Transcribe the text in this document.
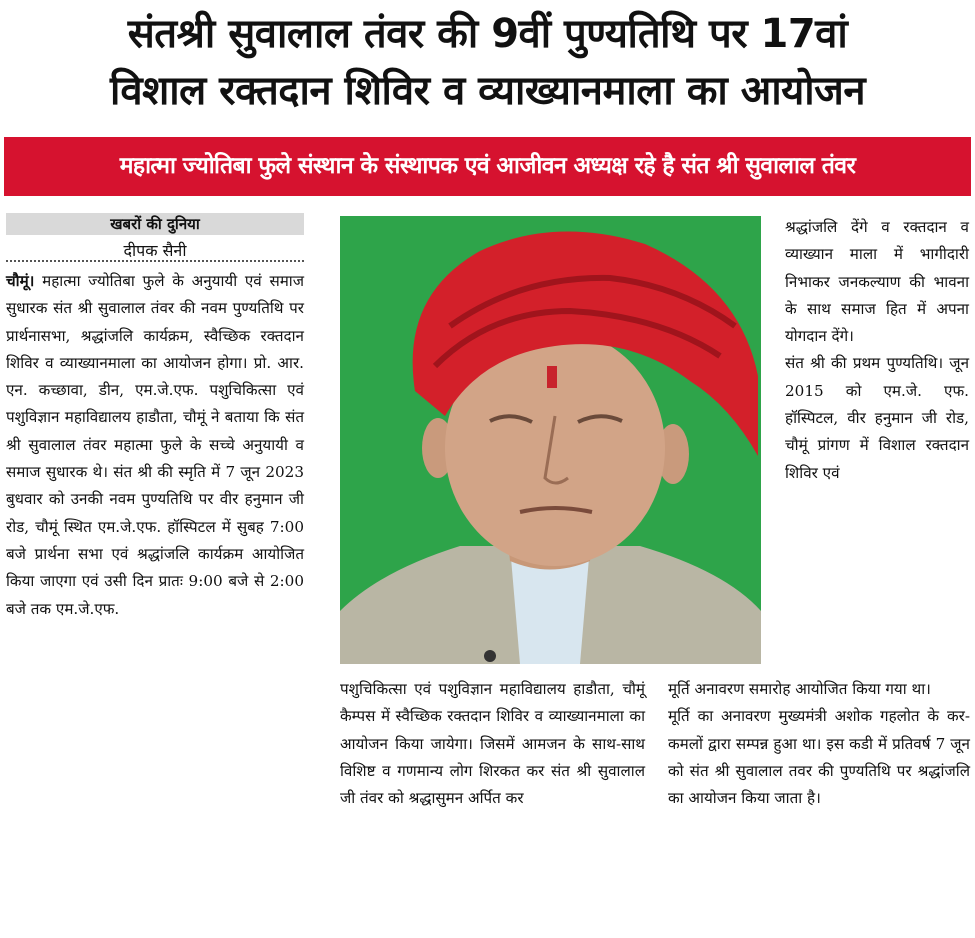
संतश्री सुवालाल तंवर की 9वीं पुण्यतिथि पर 17वां
विशाल रक्तदान शिविर व व्याख्यानमाला का आयोजन
महात्मा ज्योतिबा फुले संस्थान के संस्थापक एवं आजीवन अध्यक्ष रहे है संत श्री सुवालाल तंवर
खबरों की दुनिया
दीपक सैनी

चौमूं। महात्मा ज्योतिबा फुले के अनुयायी एवं समाज सुधारक संत श्री सुवालाल तंवर की नवम पुण्यतिथि पर प्रार्थनासभा, श्रद्धांजलि कार्यक्रम, स्वैच्छिक रक्तदान शिविर व व्याख्यानमाला का आयोजन होगा। प्रो. आर. एन. कच्छावा, डीन, एम.जे.एफ. पशुचिकित्सा एवं पशुविज्ञान महाविद्यालय हाडौता, चौमूं ने बताया कि संत श्री सुवालाल तंवर महात्मा फुले के सच्चे अनुयायी व समाज सुधारक थे। संत श्री की स्मृति में 7 जून 2023 बुधवार को उनकी नवम पुण्यतिथि पर वीर हनुमान जी रोड, चौमूं स्थित एम.जे.एफ. हॉस्पिटल में सुबह 7:00 बजे प्रार्थना सभा एवं श्रद्धांजलि कार्यक्रम आयोजित किया जाएगा एवं उसी दिन प्रातः 9:00 बजे से 2:00 बजे तक एम.जे.एफ.

श्रद्धांजलि देंगे व रक्तदान व व्याख्यान माला में भागीदारी निभाकर जनकल्याण की भावना के साथ समाज हित में अपना योगदान देंगे।

संत श्री की प्रथम पुण्यतिथि। जून 2015 को एम.जे. एफ. हॉस्पिटल, वीर हनुमान जी रोड, चौमूं प्रांगण में विशाल रक्तदान शिविर एवं

पशुचिकित्सा एवं पशुविज्ञान महाविद्यालय हाडौता, चौमूं कैम्पस में स्वैच्छिक रक्तदान शिविर व व्याख्यानमाला का आयोजन किया जायेगा। जिसमें आमजन के साथ-साथ विशिष्ट व गणमान्य लोग शिरकत कर संत श्री सुवालाल जी तंवर को श्रद्धासुमन अर्पित कर

मूर्ति अनावरण समारोह आयोजित किया गया था।

मूर्ति का अनावरण मुख्यमंत्री अशोक गहलोत के कर-कमलों द्वारा सम्पन्न हुआ था। इस कडी में प्रतिवर्ष 7 जून को संत श्री सुवालाल तवर की पुण्यतिथि पर श्रद्धांजलि का आयोजन किया जाता है।
